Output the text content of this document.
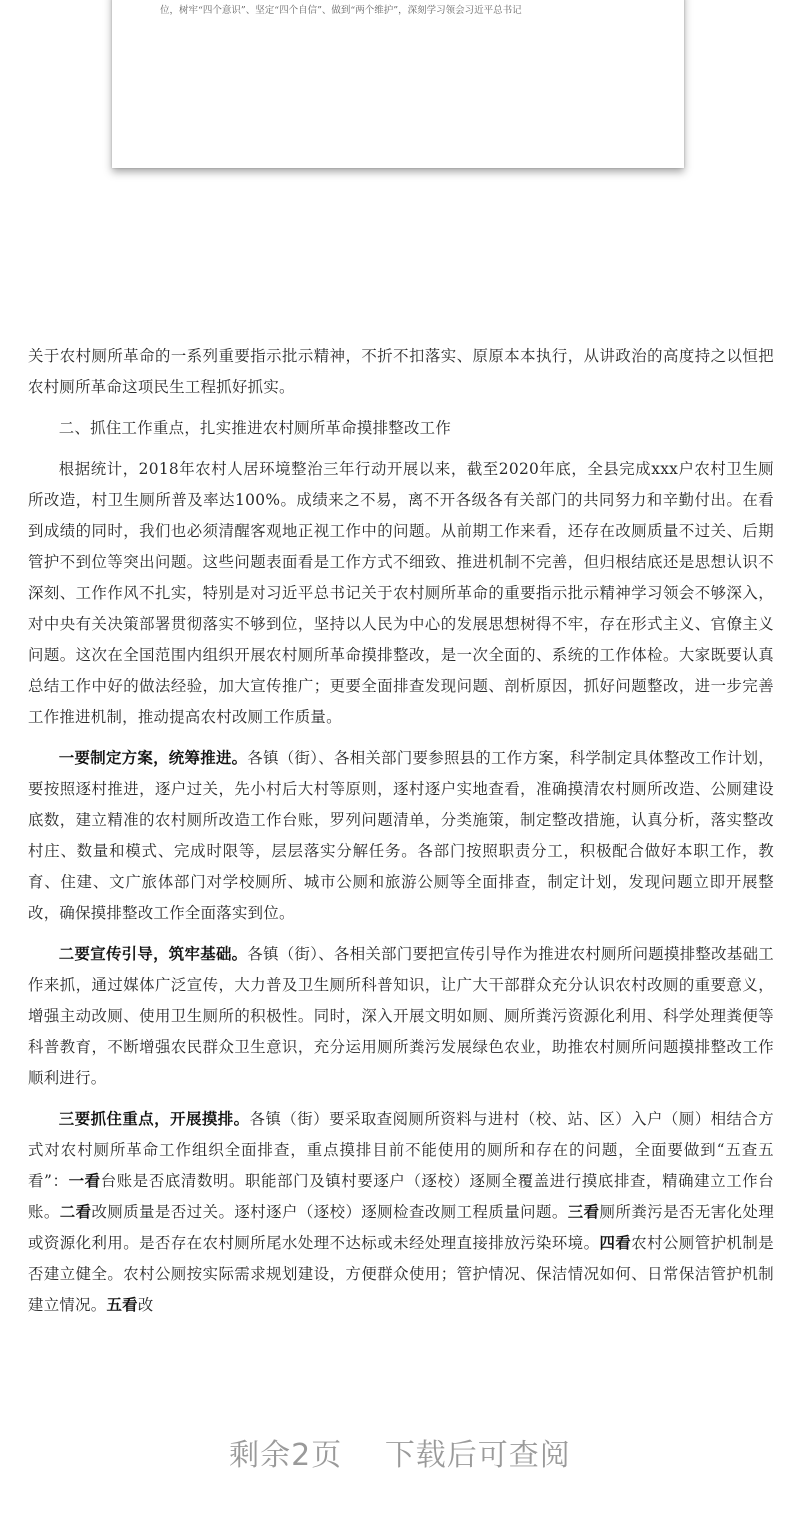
位，树牢“四个意识”、坚定“四个自信”、做到“两个维护”，深刻学习领会习近平总书记

关于农村厕所革命的一系列重要指示批示精神，不折不扣落实、原原本本执行，从讲政治的高度持之以恒把农村厕所革命这项民生工程抓好抓实。

二、抓住工作重点，扎实推进农村厕所革命摸排整改工作

根据统计，2018年农村人居环境整治三年行动开展以来，截至2020年底，全县完成xxx户农村卫生厕所改造，村卫生厕所普及率达100%。成绩来之不易，离不开各级各有关部门的共同努力和辛勤付出。在看到成绩的同时，我们也必须清醒客观地正视工作中的问题。从前期工作来看，还存在改厕质量不过关、后期管护不到位等突出问题。这些问题表面看是工作方式不细致、推进机制不完善，但归根结底还是思想认识不深刻、工作作风不扎实，特别是对习近平总书记关于农村厕所革命的重要指示批示精神学习领会不够深入，对中央有关决策部署贯彻落实不够到位，坚持以人民为中心的发展思想树得不牢，存在形式主义、官僚主义问题。这次在全国范围内组织开展农村厕所革命摸排整改，是一次全面的、系统的工作体检。大家既要认真总结工作中好的做法经验，加大宣传推广；更要全面排查发现问题、剖析原因，抓好问题整改，进一步完善工作推进机制，推动提高农村改厕工作质量。

一要制定方案，统筹推进。各镇（街）、各相关部门要参照县的工作方案，科学制定具体整改工作计划，要按照逐村推进，逐户过关，先小村后大村等原则，逐村逐户实地查看，准确摸清农村厕所改造、公厕建设底数，建立精准的农村厕所改造工作台账，罗列问题清单，分类施策，制定整改措施，认真分析，落实整改村庄、数量和模式、完成时限等，层层落实分解任务。各部门按照职责分工，积极配合做好本职工作，教育、住建、文广旅体部门对学校厕所、城市公厕和旅游公厕等全面排查，制定计划，发现问题立即开展整改，确保摸排整改工作全面落实到位。

二要宣传引导，筑牢基础。各镇（街）、各相关部门要把宣传引导作为推进农村厕所问题摸排整改基础工作来抓，通过媒体广泛宣传，大力普及卫生厕所科普知识，让广大干部群众充分认识农村改厕的重要意义，增强主动改厕、使用卫生厕所的积极性。同时，深入开展文明如厕、厕所粪污资源化利用、科学处理粪便等科普教育，不断增强农民群众卫生意识，充分运用厕所粪污发展绿色农业，助推农村厕所问题摸排整改工作顺利进行。

三要抓住重点，开展摸排。各镇（街）要采取查阅厕所资料与进村（校、站、区）入户（厕）相结合方式对农村厕所革命工作组织全面排查，重点摸排目前不能使用的厕所和存在的问题，全面要做到“五查五看”：一看台账是否底清数明。职能部门及镇村要逐户（逐校）逐厕全覆盖进行摸底排查，精确建立工作台账。二看改厕质量是否过关。逐村逐户（逐校）逐厕检查改厕工程质量问题。三看厕所粪污是否无害化处理或资源化利用。是否存在农村厕所尾水处理不达标或未经处理直接排放污染环境。四看农村公厕管护机制是否建立健全。农村公厕按实际需求规划建设，方便群众使用；管护情况、保洁情况如何、日常保洁管护机制建立情况。五看改

剩余2页 下载后可查阅
